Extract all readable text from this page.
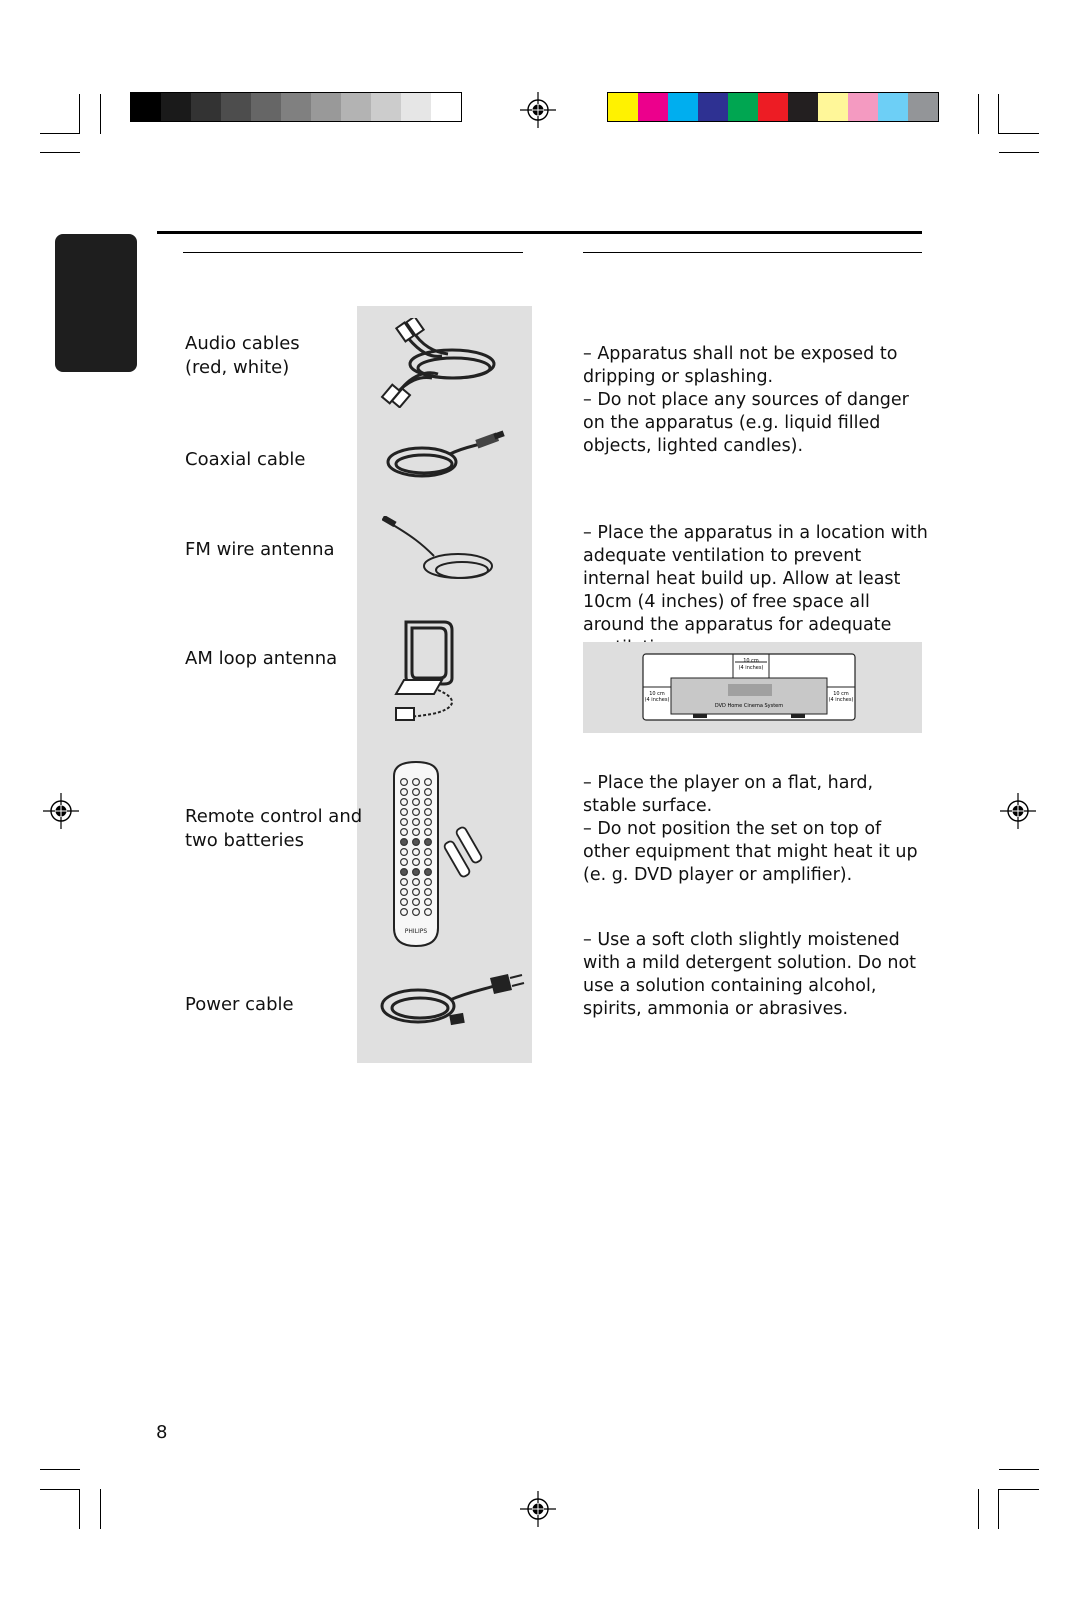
Audio cables
(red, white)
Coaxial cable
FM wire antenna
AM loop antenna
Remote control and
two batteries
Power cable
PHILIPS

– Apparatus shall not be exposed to dripping or splashing.

– Do not place any sources of danger on the apparatus (e.g. liquid filled objects, lighted candles).

– Place the apparatus in a location with adequate ventilation to prevent internal heat build up. Allow at least 10cm (4 inches) of free space all around the apparatus for adequate

10 cm
(4 inches)
10 cm
(4 inches)
10 cm
(4 inches)
DVD Home Cinema System

– Place the player on a flat, hard, stable surface.

– Do not position the set on top of other equipment that might heat it up (e. g. DVD player or amplifier).

– Use a soft cloth slightly moistened with a mild detergent solution. Do not use a solution containing alcohol, spirits, ammonia or abrasives.

8
